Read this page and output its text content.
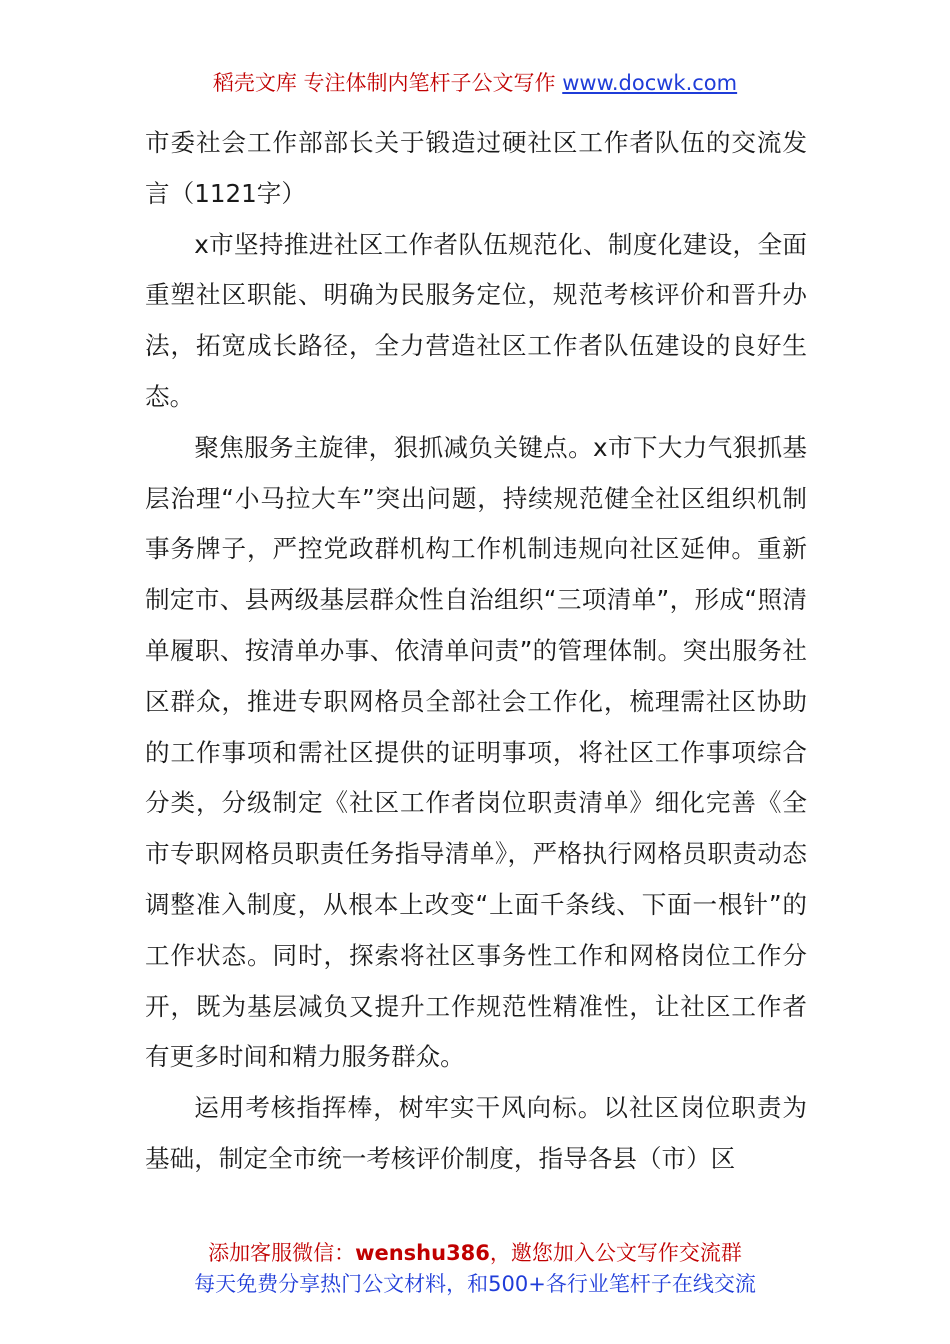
稻壳文库 专注体制内笔杆子公文写作 www.docwk.com

市委社会工作部部长关于锻造过硬社区工作者队伍的交流发言（1121字）

x市坚持推进社区工作者队伍规范化、制度化建设，全面重塑社区职能、明确为民服务定位，规范考核评价和晋升办法，拓宽成长路径，全力营造社区工作者队伍建设的良好生态。

聚焦服务主旋律，狠抓减负关键点。x市下大力气狠抓基层治理“小马拉大车”突出问题，持续规范健全社区组织机制事务牌子，严控党政群机构工作机制违规向社区延伸。重新制定市、县两级基层群众性自治组织“三项清单”，形成“照清单履职、按清单办事、依清单问责”的管理体制。突出服务社区群众，推进专职网格员全部社会工作化，梳理需社区协助的工作事项和需社区提供的证明事项，将社区工作事项综合分类，分级制定《社区工作者岗位职责清单》细化完善《全市专职网格员职责任务指导清单》，严格执行网格员职责动态调整准入制度，从根本上改变“上面千条线、下面一根针”的工作状态。同时，探索将社区事务性工作和网格岗位工作分开，既为基层减负又提升工作规范性精准性，让社区工作者有更多时间和精力服务群众。

运用考核指挥棒，树牢实干风向标。以社区岗位职责为基础，制定全市统一考核评价制度，指导各县（市）区

添加客服微信：wenshu386，邀您加入公文写作交流群
每天免费分享热门公文材料，和500+各行业笔杆子在线交流
